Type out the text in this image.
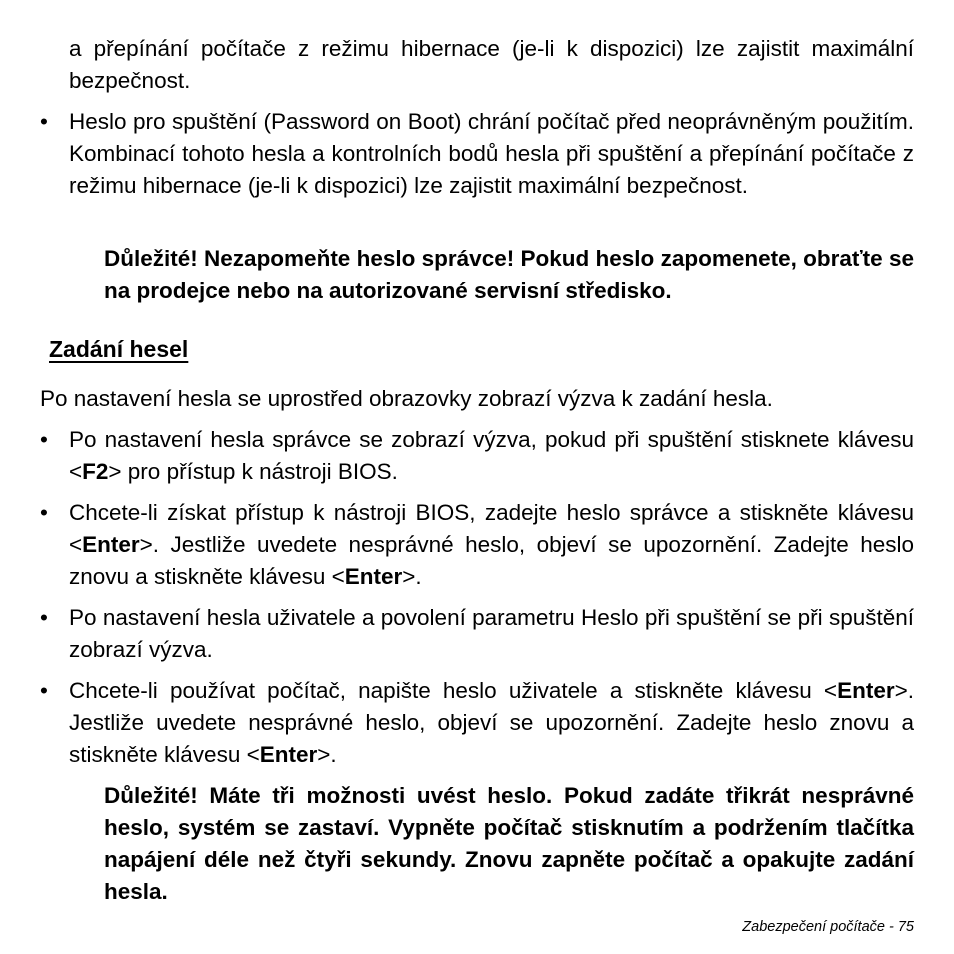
a přepínání počítače z režimu hibernace (je-li k dispozici) lze zajistit maximální bezpečnost.

• Heslo pro spuštění (Password on Boot) chrání počítač před neoprávněným použitím. Kombinací tohoto hesla a kontrolních bodů hesla při spuštění a přepínání počítače z režimu hibernace (je-li k dispozici) lze zajistit maximální bezpečnost.

Důležité! Nezapomeňte heslo správce! Pokud heslo zapomenete, obraťte se na prodejce nebo na autorizované servisní středisko.

Zadání hesel

Po nastavení hesla se uprostřed obrazovky zobrazí výzva k zadání hesla.

• Po nastavení hesla správce se zobrazí výzva, pokud při spuštění stisknete klávesu <F2> pro přístup k nástroji BIOS.

• Chcete-li získat přístup k nástroji BIOS, zadejte heslo správce a stiskněte klávesu <Enter>. Jestliže uvedete nesprávné heslo, objeví se upozornění. Zadejte heslo znovu a stiskněte klávesu <Enter>.

• Po nastavení hesla uživatele a povolení parametru Heslo při spuštění se při spuštění zobrazí výzva.

• Chcete-li používat počítač, napište heslo uživatele a stiskněte klávesu <Enter>. Jestliže uvedete nesprávné heslo, objeví se upozornění. Zadejte heslo znovu a stiskněte klávesu <Enter>.

Důležité! Máte tři možnosti uvést heslo. Pokud zadáte třikrát nesprávné heslo, systém se zastaví. Vypněte počítač stisknutím a podržením tlačítka napájení déle než čtyři sekundy. Znovu zapněte počítač a opakujte zadání hesla.

Zabezpečení počítače - 75
